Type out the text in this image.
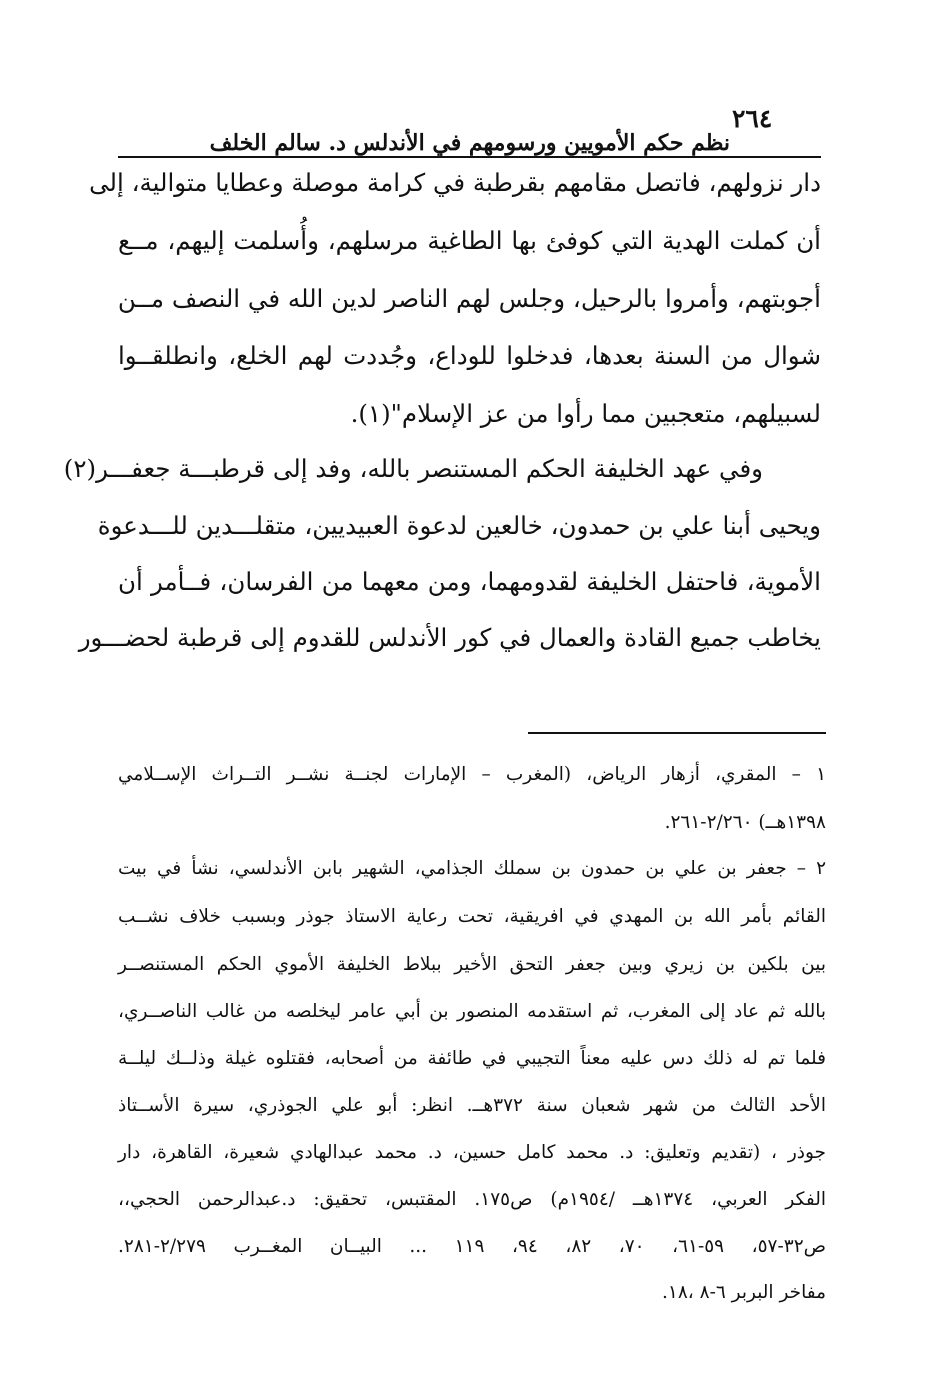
٢٦٤
نظم حكم الأمويين ورسومهم في الأندلس د. سالم الخلف
دار نزولهم، فاتصل مقامهم بقرطبة في كرامة موصلة وعطايا متوالية، إلى
أن كملت الهدية التي كوفئ بها الطاغية مرسلهم، وأُسلمت إليهم، مــع
أجوبتهم، وأمروا بالرحيل، وجلس لهم الناصر لدين الله في النصف مــن
شوال من السنة بعدها، فدخلوا للوداع، وجُددت لهم الخلع، وانطلقــوا
لسبيلهم، متعجبين مما رأوا من عز الإسلام"(١).
وفي عهد الخليفة الحكم المستنصر بالله، وفد إلى قرطبـــة جعفـــر(٢)
ويحيى أبنا علي بن حمدون، خالعين لدعوة العبيديين، متقلـــدين للـــدعوة
الأموية، فاحتفل الخليفة لقدومهما، ومن معهما من الفرسان، فــأمر أن
يخاطب جميع القادة والعمال في كور الأندلس للقدوم إلى قرطبة لحضـــور
١ – المقري، أزهار الرياض، (المغرب – الإمارات لجنــة نشــر التــراث الإســلامي
١٣٩٨هــ) ٢/٢٦٠-٢٦١.
٢ – جعفر بن علي بن حمدون بن سملك الجذامي، الشهير بابن الأندلسي، نشأ في بيت
القائم بأمر الله بن المهدي في افريقية، تحت رعاية الاستاذ جوذر وبسبب خلاف نشــب
بين بلكين بن زيري وبين جعفر التحق الأخير ببلاط الخليفة الأموي الحكم المستنصــر
بالله ثم عاد إلى المغرب، ثم استقدمه المنصور بن أبي عامر ليخلصه من غالب الناصــري،
فلما تم له ذلك دس عليه معناً التجيبي في طائفة من أصحابه، فقتلوه غيلة وذلــك ليلــة
الأحد الثالث من شهر شعبان سنة ٣٧٢هــ. انظر: أبو علي الجوذري، سيرة الأســتاذ
جوذر ، (تقديم وتعليق: د. محمد كامل حسين، د. محمد عبدالهادي شعيرة، القاهرة، دار
الفكر العربي، ١٣٧٤هــ /١٩٥٤م) ص١٧٥. المقتبس، تحقيق: د.عبدالرحمن الحجي،،
ص٣٢-٥٧، ٥٩-٦١، ٧٠، ٨٢، ٩٤، ١١٩ ... البيــان المغــرب ٢/٢٧٩-٢٨١.
مفاخر البربر ٦-٨ ،١٨.
